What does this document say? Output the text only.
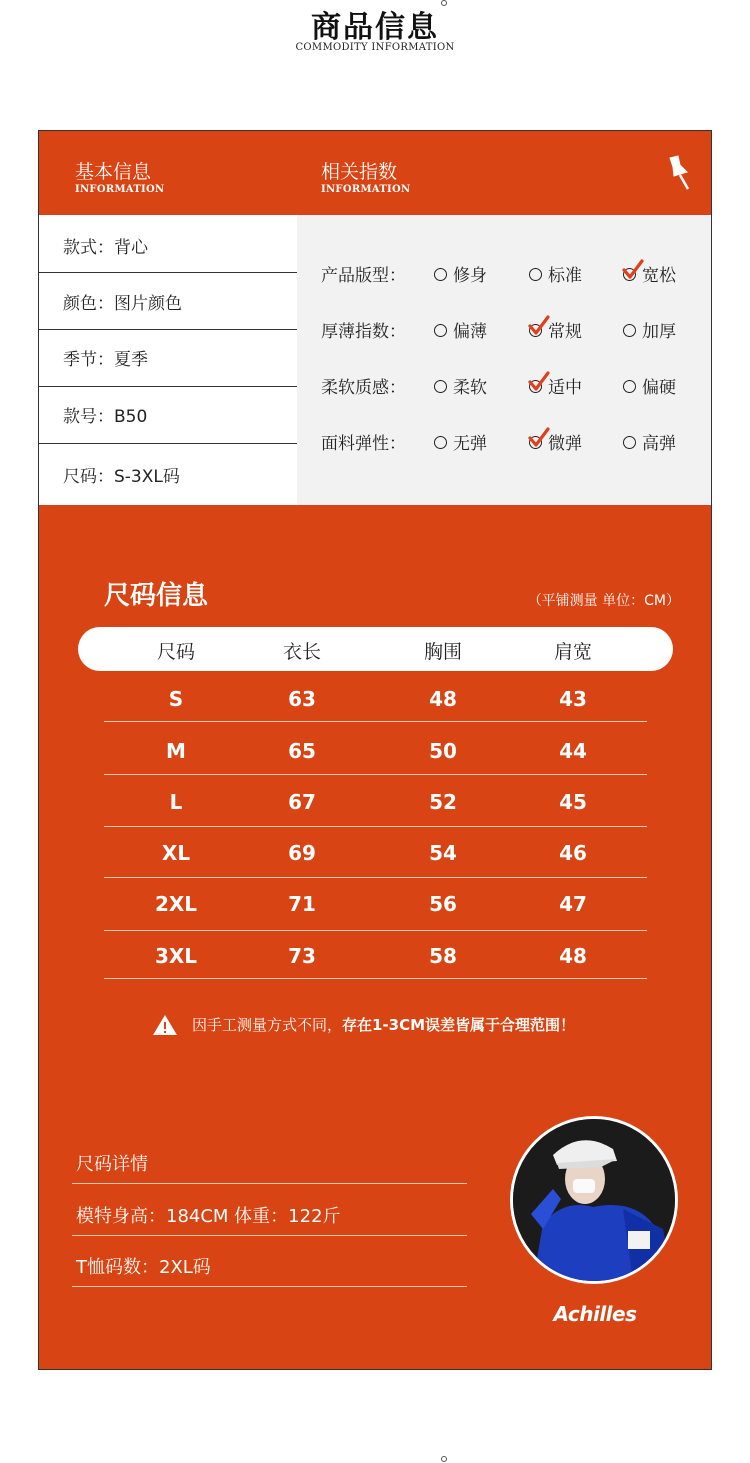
商品信息
COMMODITY INFORMATION
基本信息
INFORMATION
相关指数
INFORMATION
款式：背心
颜色：图片颜色
季节：夏季
款号：B50
尺码：S-3XL码
产品版型：	修身	标准	宽松
厚薄指数：	偏薄	常规	加厚
柔软质感：	柔软	适中	偏硬
面料弹性：	无弹	微弹	高弹
尺码信息	（平铺测量 单位：CM）
尺码	衣长	胸围	肩宽
S	63	48	43
M	65	50	44
L	67	52	45
XL	69	54	46
2XL	71	56	47
3XL	73	58	48
因手工测量方式不同，存在1-3CM误差皆属于合理范围！
尺码详情
模特身高：184CM 体重：122斤
T恤码数：2XL码
Achilles
